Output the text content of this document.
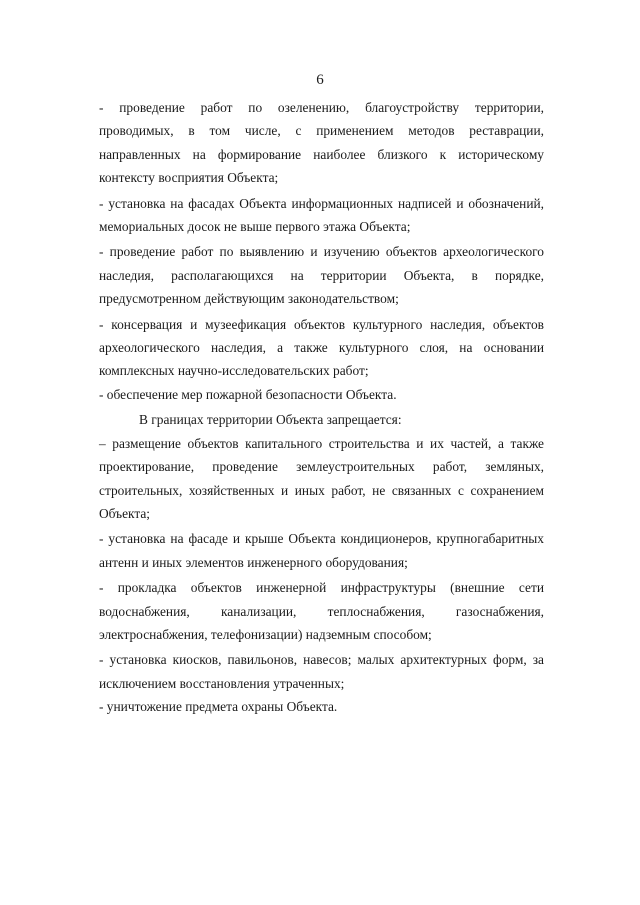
6

- проведение работ по озеленению, благоустройству территории, проводимых, в том числе, с применением методов реставрации, направленных на формирование наиболее близкого к историческому контексту восприятия Объекта;

- установка на фасадах Объекта информационных надписей и обозначений, мемориальных досок не выше первого этажа Объекта;

- проведение работ по выявлению и изучению объектов археологического наследия, располагающихся на территории Объекта, в порядке, предусмотренном действующим законодательством;

- консервация и музеефикация объектов культурного наследия, объектов археологического наследия, а также культурного слоя, на основании комплексных научно-исследовательских работ;

- обеспечение мер пожарной безопасности Объекта.

В границах территории Объекта запрещается:

– размещение объектов капитального строительства и их частей, а также проектирование, проведение землеустроительных работ, земляных, строительных, хозяйственных и иных работ, не связанных с сохранением Объекта;

- установка на фасаде и крыше Объекта кондиционеров, крупногабаритных антенн и иных элементов инженерного оборудования;

- прокладка объектов инженерной инфраструктуры (внешние сети водоснабжения, канализации, теплоснабжения, газоснабжения, электроснабжения, телефонизации) надземным способом;

- установка киосков, павильонов, навесов; малых архитектурных форм, за исключением восстановления утраченных;

- уничтожение предмета охраны Объекта.
